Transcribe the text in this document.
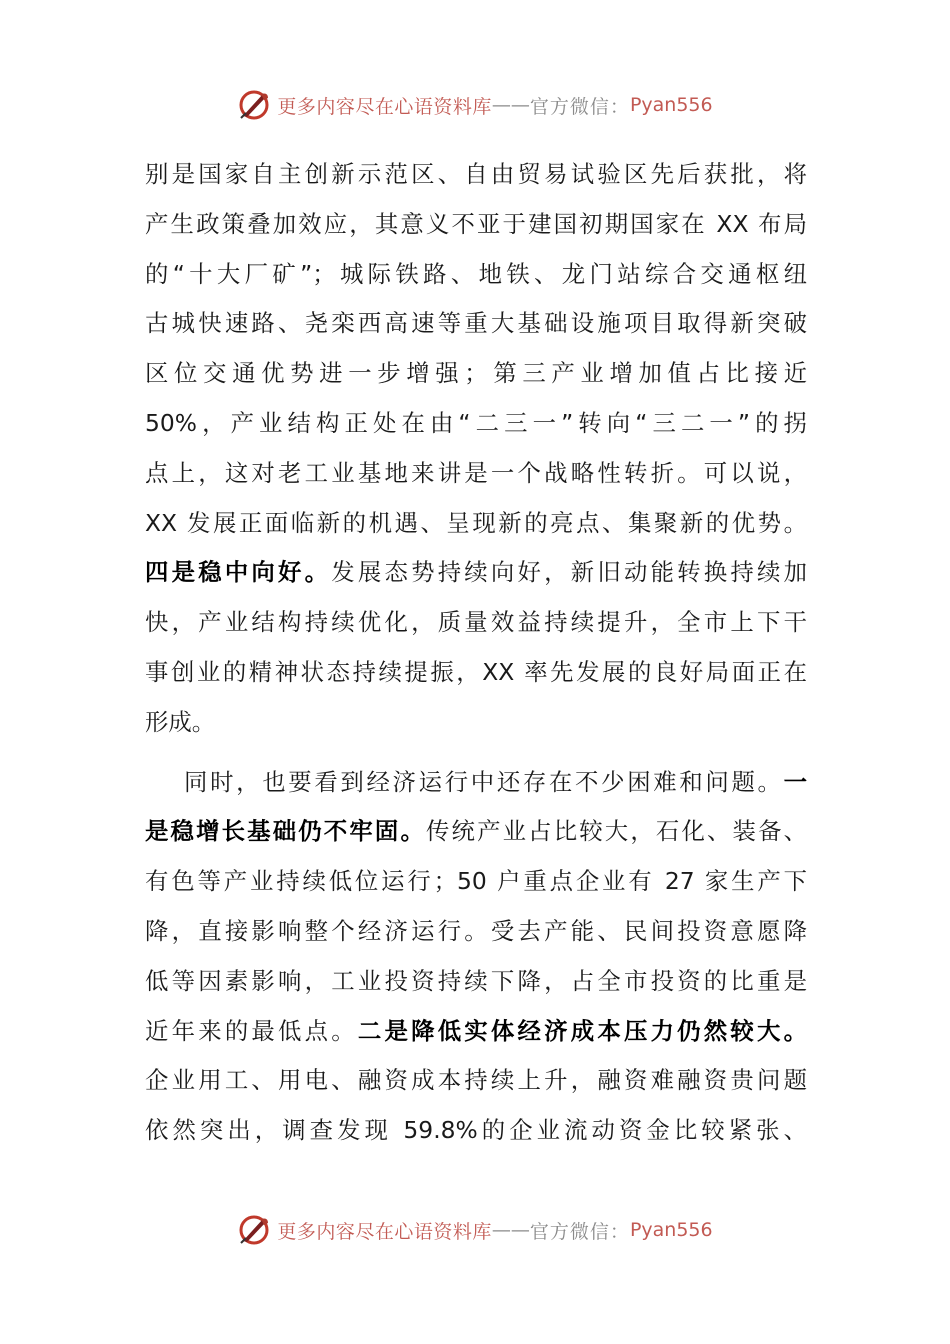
更多内容尽在心语资料库 —— 官方微信： Pyan556
别是国家自主创新示范区、自由贸易试验区先后获批，将
产生政策叠加效应，其意义不亚于建国初期国家在 XX 布局
的“十大厂矿”；城际铁路、地铁、龙门站综合交通枢纽
古城快速路、尧栾西高速等重大基础设施项目取得新突破
区位交通优势进一步增强；第三产业增加值占比接近
50%，产业结构正处在由“二三一”转向“三二一”的拐
点上，这对老工业基地来讲是一个战略性转折。可以说，
XX 发展正面临新的机遇、呈现新的亮点、集聚新的优势。
四是稳中向好。发展态势持续向好，新旧动能转换持续加
快，产业结构持续优化，质量效益持续提升，全市上下干
事创业的精神状态持续提振，XX 率先发展的良好局面正在
形成。
同时，也要看到经济运行中还存在不少困难和问题。一
是稳增长基础仍不牢固。传统产业占比较大，石化、装备、
有色等产业持续低位运行；50 户重点企业有 27 家生产下
降，直接影响整个经济运行。受去产能、民间投资意愿降
低等因素影响，工业投资持续下降，占全市投资的比重是
近年来的最低点。二是降低实体经济成本压力仍然较大。
企业用工、用电、融资成本持续上升，融资难融资贵问题
依然突出，调查发现 59.8%的企业流动资金比较紧张、
更多内容尽在心语资料库 —— 官方微信： Pyan556
